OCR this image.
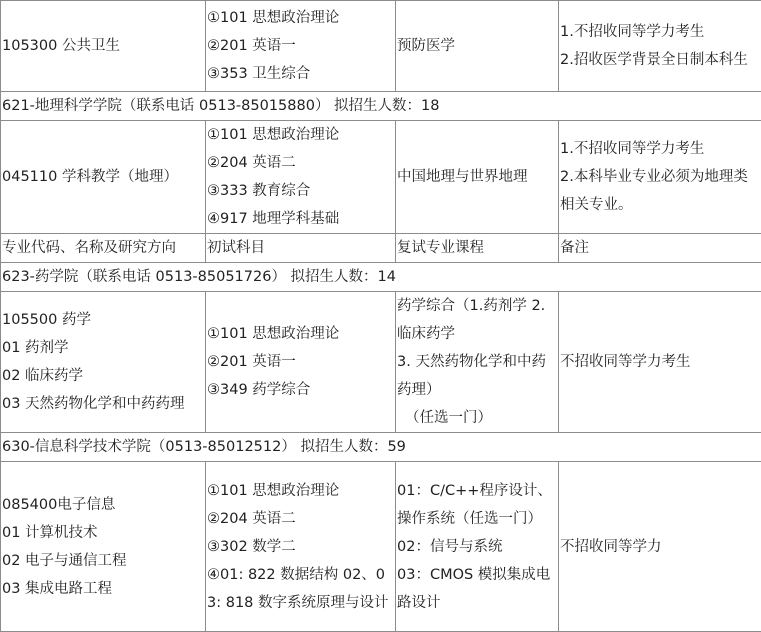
105300 公共卫生	①101 思想政治理论
②201 英语一
③353 卫生综合	预防医学	1.不招收同等学力考生
2.招收医学背景全日制本科生

621-地理科学学院（联系电话 0513-85015880） 拟招生人数：18			

045110 学科教学（地理）	①101 思想政治理论
②204 英语二
③333 教育综合
④917 地理学科基础	中国地理与世界地理	1.不招收同等学力考生
2.本科毕业专业必须为地理类相关专业。

专业代码、名称及研究方向	初试科目	复试专业课程	备注
623-药学院（联系电话 0513-85051726） 拟招生人数：14			

105500 药学
01 药剂学
02 临床药学
03 天然药物化学和中药药理	①101 思想政治理论
②201 英语一
③349 药学综合	药学综合（1.药剂学 2.临床药学
3. 天然药物化学和中药药理）
（任选一门）	不招收同等学力考生

630-信息科学技术学院（0513-85012512） 拟招生人数：59			

085400电子信息
01 计算机技术
02 电子与通信工程
03 集成电路工程	①101 思想政治理论
②204 英语二
③302 数学二
④01: 822 数据结构 02、03: 818 数字系统原理与设计	01：C/C++程序设计、操作系统（任选一门）
02：信号与系统
03：CMOS 模拟集成电路设计	不招收同等学力
